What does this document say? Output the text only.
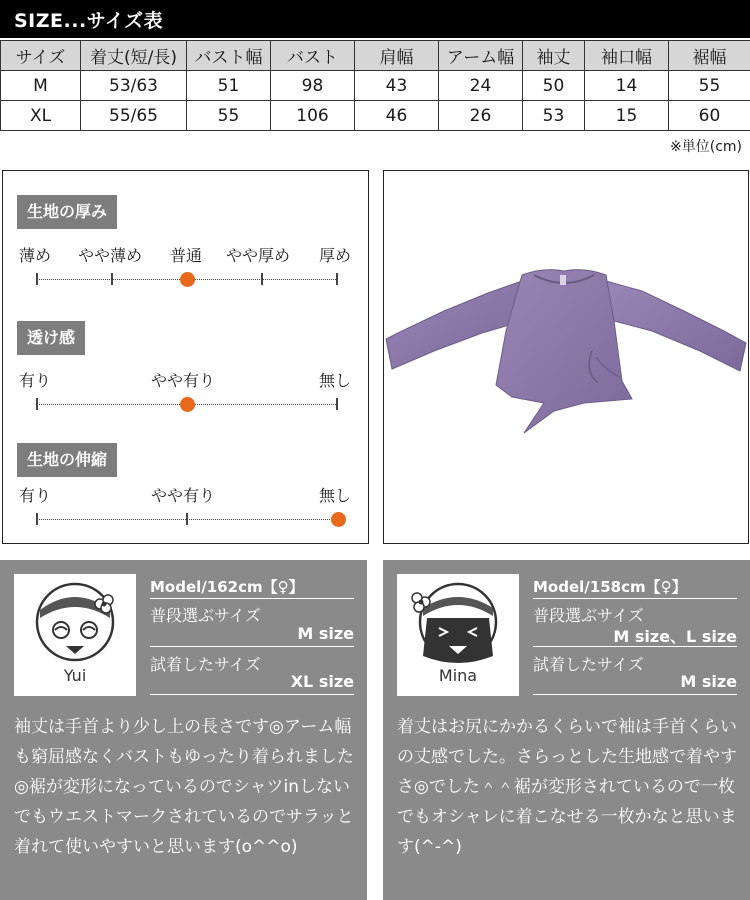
SIZE...サイズ表
サイズ	着丈(短/長)	バスト幅	バスト	肩幅	アーム幅	袖丈	袖口幅	裾幅
M	53/63	51	98	43	24	50	14	55
XL	55/65	55	106	46	26	53	15	60
※単位(cm)
生地の厚み
薄め やや薄め 普通 やや厚め 厚め
透け感
有り	やや有り	無し
生地の伸縮
有り	やや有り	無し
Yui
Model/162cm【♀】
普段選ぶサイズ
M size
試着したサイズ
XL size

袖丈は手首より少し上の長さです◎アーム幅も窮屈感なくバストもゆったり着られました◎裾が変形になっているのでシャツinしないでもウエストマークされているのでサラッと着れて使いやすいと思います(o^^o)

Mina
Model/158cm【♀】
普段選ぶサイズ
M size、L size
試着したサイズ
M size

着丈はお尻にかかるくらいで袖は手首くらいの丈感でした。さらっとした生地感で着やすさ◎でした＾＾裾が変形されているので一枚でもオシャレに着こなせる一枚かなと思います(^-^)
